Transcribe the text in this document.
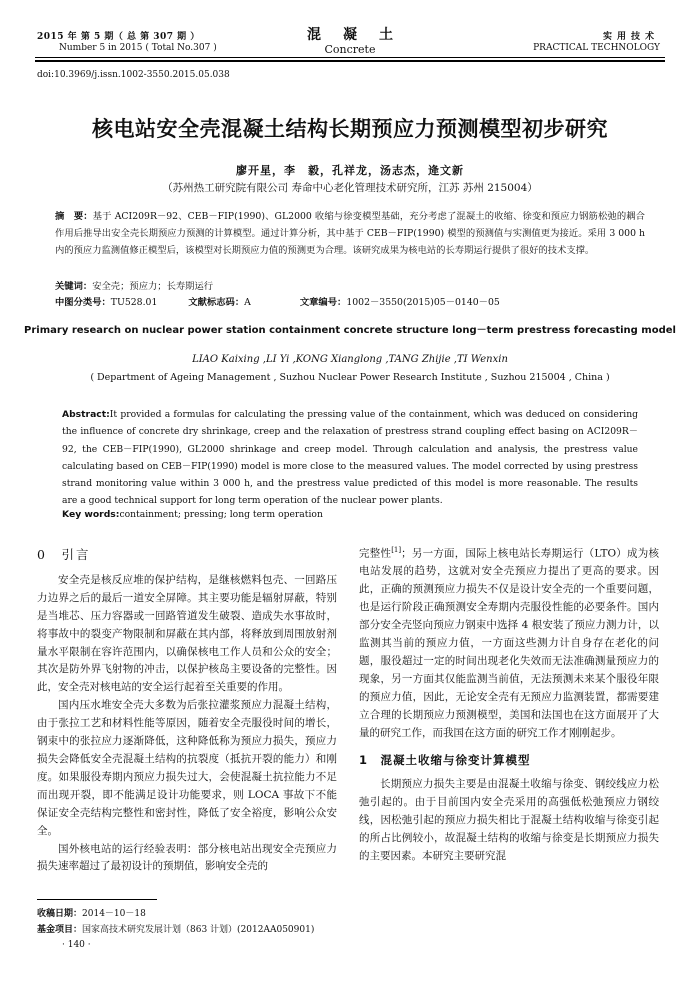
2015 年 第 5 期（ 总 第 307 期 ）
Number 5 in 2015 ( Total No.307 )
混凝土
Concrete
实用技术
PRACTICAL TECHNOLOGY
doi:10.3969/j.issn.1002-3550.2015.05.038
核电站安全壳混凝土结构长期预应力预测模型初步研究
廖开星，李　毅，孔祥龙，汤志杰，逄文新
（苏州热工研究院有限公司 寿命中心老化管理技术研究所，江苏 苏州 215004）
摘　要：基于 ACI209R－92、CEB－FIP(1990)、GL2000 收缩与徐变模型基础，充分考虑了混凝土的收缩、徐变和预应力钢筋松弛的耦合作用后推导出安全壳长期预应力预测的计算模型。通过计算分析，其中基于 CEB－FIP(1990) 模型的预测值与实测值更为接近。采用 3 000 h 内的预应力监测值修正模型后，该模型对长期预应力值的预测更为合理。该研究成果为核电站的长寿期运行提供了很好的技术支撑。
关键词：安全壳；预应力；长寿期运行
中图分类号：TU528.01	文献标志码：A	文章编号：1002－3550(2015)05－0140－05
Primary research on nuclear power station containment concrete structure long－term prestress forecasting model
LIAO Kaixing ,LI Yi ,KONG Xianglong ,TANG Zhijie ,TI Wenxin
( Department of Ageing Management , Suzhou Nuclear Power Research Institute , Suzhou 215004 , China )
Abstract:It provided a formulas for calculating the pressing value of the containment, which was deduced on considering the influence of concrete dry shrinkage, creep and the relaxation of prestress strand coupling effect basing on ACI209R－92, the CEB－FIP(1990), GL2000 shrinkage and creep model. Through calculation and analysis, the prestress value calculating based on CEB－FIP(1990) model is more close to the measured values. The model corrected by using prestress strand monitoring value within 3 000 h, and the prestress value predicted of this model is more reasonable. The results are a good technical support for long term operation of the nuclear power plants.
Key words:containment; pressing; long term operation
0　引言

安全壳是核反应堆的保护结构，是继核燃料包壳、一回路压力边界之后的最后一道安全屏障。其主要功能是辐射屏蔽，特别是当堆芯、压力容器或一回路管道发生破裂、造成失水事故时，将事故中的裂变产物限制和屏蔽在其内部，将释放到周围放射剂量水平限制在容许范围内，以确保核电工作人员和公众的安全；其次是防外界飞射物的冲击，以保护核岛主要设备的完整性。因此，安全壳对核电站的安全运行起着至关重要的作用。

国内压水堆安全壳大多数为后张拉灌浆预应力混凝土结构，由于张拉工艺和材料性能等原因，随着安全壳服役时间的增长，钢束中的张拉应力逐渐降低，这种降低称为预应力损失，预应力损失会降低安全壳混凝土结构的抗裂度（抵抗开裂的能力）和刚度。如果服役寿期内预应力损失过大，会使混凝土抗拉能力不足而出现开裂，即不能满足设计功能要求，则 LOCA 事故下不能保证安全壳结构完整性和密封性，降低了安全裕度，影响公众安全。

国外核电站的运行经验表明：部分核电站出现安全壳预应力损失速率超过了最初设计的预期值，影响安全壳的

收稿日期：2014－10－18
基金项目：国家高技术研究发展计划（863 计划）(2012AA050901)
· 140 ·

完整性[1]；另一方面，国际上核电站长寿期运行（LTO）成为核电站发展的趋势，这就对安全壳预应力提出了更高的要求。因此，正确的预测预应力损失不仅是设计安全壳的一个重要问题，也是运行阶段正确预测安全寿期内壳服役性能的必要条件。国内部分安全壳竖向预应力钢束中选择 4 根安装了预应力测力计，以监测其当前的预应力值，一方面这些测力计自身存在老化的问题，服役超过一定的时间出现老化失效而无法准确测量预应力的现象，另一方面其仅能监测当前值，无法预测未来某个服役年限的预应力值，因此，无论安全壳有无预应力监测装置，都需要建立合理的长期预应力预测模型，美国和法国也在这方面展开了大量的研究工作，而我国在这方面的研究工作才刚刚起步。

1　混凝土收缩与徐变计算模型

长期预应力损失主要是由混凝土收缩与徐变、钢绞线应力松弛引起的。由于目前国内安全壳采用的高强低松弛预应力钢绞线，因松弛引起的预应力损失相比于混凝土结构收缩与徐变引起的所占比例较小，故混凝土结构的收缩与徐变是长期预应力损失的主要因素。本研究主要研究混
